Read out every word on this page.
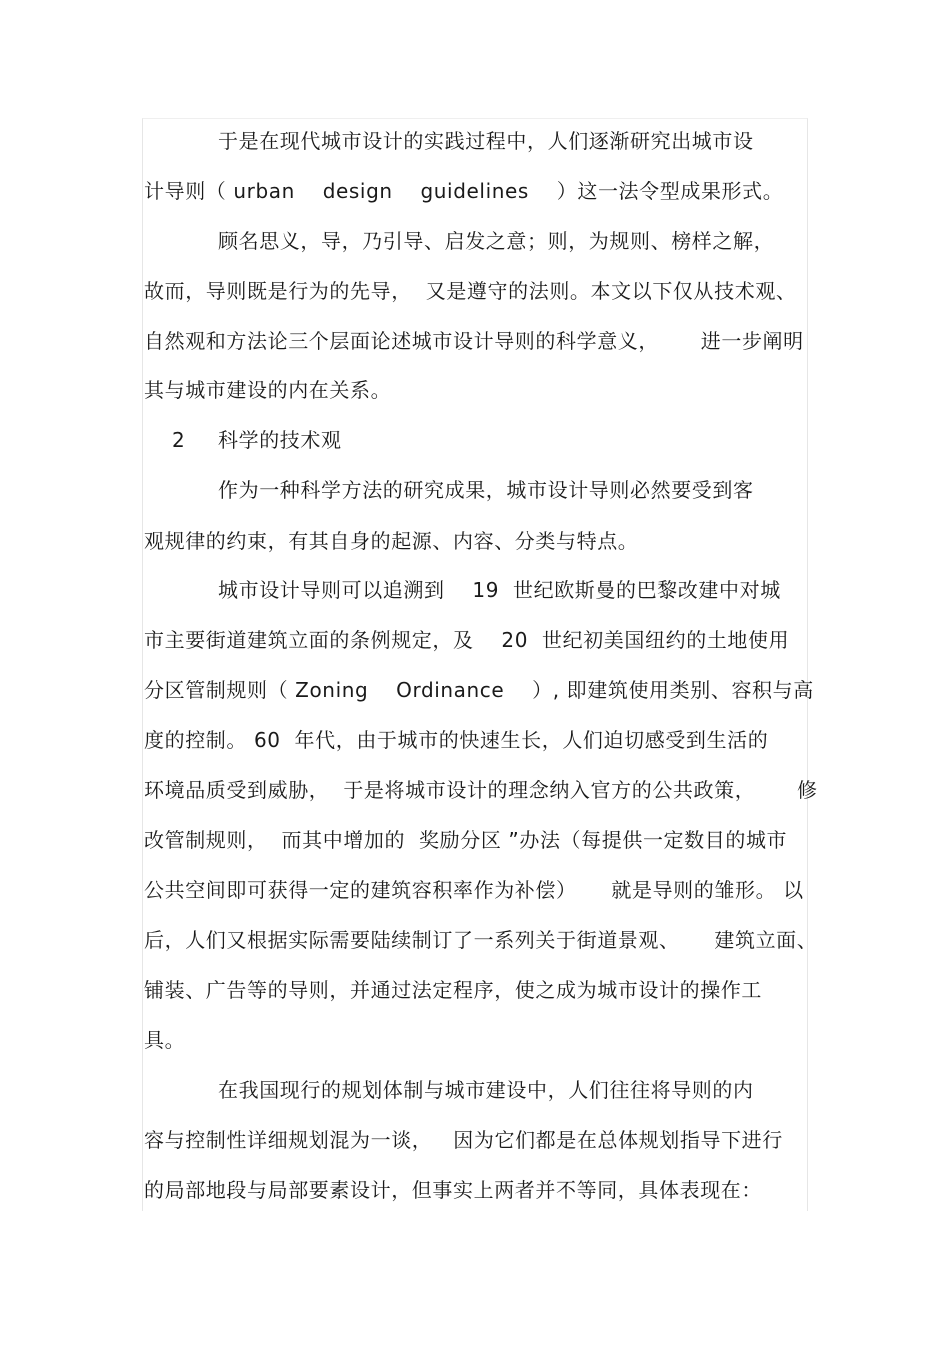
于是在现代城市设计的实践过程中，人们逐渐研究出城市设
计导则（ urban    design    guidelines    ）这一法令型成果形式。
顾名思义，导，乃引导、启发之意；则，为规则、榜样之解，
故而，导则既是行为的先导，  又是遵守的法则。本文以下仅从技术观、
自然观和方法论三个层面论述城市设计导则的科学意义，      进一步阐明
其与城市建设的内在关系。
2 科学的技术观
作为一种科学方法的研究成果，城市设计导则必然要受到客
观规律的约束，有其自身的起源、内容、分类与特点。
城市设计导则可以追溯到    19  世纪欧斯曼的巴黎改建中对城
市主要街道建筑立面的条例规定，及    20  世纪初美国纽约的土地使用
分区管制规则（ Zoning    Ordinance    ）, 即建筑使用类别、容积与高
度的控制。 60  年代，由于城市的快速生长，人们迫切感受到生活的
环境品质受到威胁，  于是将城市设计的理念纳入官方的公共政策，      修
改管制规则，  而其中增加的  奖励分区 ”办法（每提供一定数目的城市
公共空间即可获得一定的建筑容积率作为补偿）     就是导则的雏形。 以
后，人们又根据实际需要陆续制订了一系列关于街道景观、     建筑立面、
铺装、广告等的导则，并通过法定程序，使之成为城市设计的操作工
具。
在我国现行的规划体制与城市建设中，人们往往将导则的内
容与控制性详细规划混为一谈，   因为它们都是在总体规划指导下进行
的局部地段与局部要素设计，但事实上两者并不等同，具体表现在：
